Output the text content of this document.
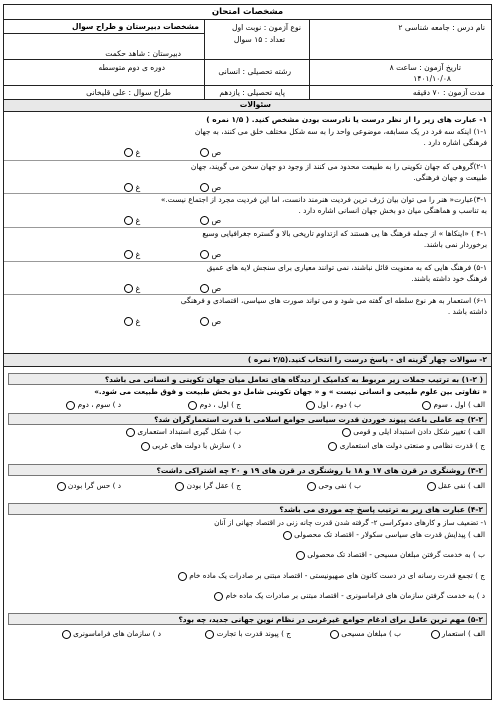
مشخصات امتحان
نام درس : جامعه شناسی ۲
نوع آزمون : نوبت اول
تعداد : ۱۵ سوال
مشخصات دبیرستان و طراح سوال
تاریخ آزمون : ساعت ۸
۱۴۰۱/۱۰/۰۸
رشته تحصیلی : انسانی
دبیرستان : شاهد حکمت
دوره ی دوم متوسطه
مدت آزمون : ۷۰ دقیقه
پایه تحصیلی : یازدهم
طراح سوال : علی قلیخانی
سئوالات
۱- عبارت های زیر را از نظر درست یا نادرست بودن مشخص کنید. ( ۱/۵ نمره )
۱-۱) اینکه سه فرد در یک مسابقه، موضوعی واحد را به سه شکل مختلف خلق می کنند، به جهان
فرهنگی اشاره دارد .
ص
غ
۲-۱)گروهی که جهان تکوینی را به طبیعت محدود می کنند از وجود دو جهان سخن می گویند، جهان
طبیعت و جهان فرهنگی.
ص
غ
۳-۱)عبارت« هنر را می توان بیان ژرف ترین فردیت هنرمند دانست، اما این فردیت مجرد از اجتماع نیست.»
به تناسب و هماهنگی میان دو بخش جهان انسانی اشاره دارد .
ص
غ
۴-۱ ) «اینکاها » از جمله فرهنگ ها یی هستند که ازتداوم تاریخی بالا و گستره جغرافیایی وسیع
برخوردار نمی باشند.
ص
غ
۵-۱) فرهنگ هایی که به معنویت قائل نباشند، نمی توانند معیاری برای سنجش لایه های عمیق
فرهنگ خود داشته باشند.
ص
غ
۶-۱) استعمار به هر نوع سلطه ای گفته می شود و می تواند صورت های سیاسی، اقتصادی و فرهنگی
داشته باشد .
ص
غ
۲- سوالات چهار گزینه ای - پاسخ درست را انتخاب کنید.(۲/۵ نمره )
( ۱-۲) به ترتیب جملات زیر مربوط به کدامیک از دیدگاه های تعامل میان جهان تکوینی و انسانی می باشد؟
« تفاوتی بین علوم طبیعی و انسانی نیست » و « جهان تکوینی شامل دو بخش طبیعت و فوق طبیعت می شود.»
الف ) اول ، سوم
ب ) دوم ، اول
ج ) اول ، دوم
د ) سوم ، دوم
۲-۲) چه عاملی باعث پیوند خوردن قدرت سیاسی جوامع اسلامی با قدرت استعمارگران شد؟
الف ) تغییر شکل دادن استبداد ایلی و قومی
ب ) شکل گیری استبداد استعماری
ج ) قدرت نظامی و صنعتی دولت های استعماری
د ) سازش با دولت های غربی
۳-۲) روشنگری در قرن های ۱۷ و ۱۸ با روشنگری در قرن های ۱۹ و ۲۰ چه اشتراکی داشت؟
الف ) نفی عقل
ب ) نفی وحی
ج ) عقل گرا بودن
د ) حس گرا بودن
۴-۲) عبارت های زیر به ترتیب پاسخ چه موردی می باشد؟
۱- تضعیف ساز و کارهای دموکراسی ۲- گرفته شدن قدرت چانه زنی در اقتصاد جهانی از آنان
الف ) پیدایش قدرت های سیاسی سکولار - اقتصاد تک محصولی
ب ) به خدمت گرفتن مبلغان مسیحی - اقتصاد تک محصولی
ج ) تجمع قدرت رسانه ای در دست کانون های صهیونیستی - اقتصاد مبتنی بر صادرات یک ماده خام
د ) به خدمت گرفتن سازمان های فراماسونری - اقتصاد مبتنی بر صادرات یک ماده خام
۵-۲) مهم ترین عامل برای ادغام جوامع غیرغربی در نظام نوین جهانی جدید، چه بود؟
الف ) استعمار
ب ) مبلغان مسیحی
ج ) پیوند قدرت با تجارت
د ) سازمان های فراماسونری
